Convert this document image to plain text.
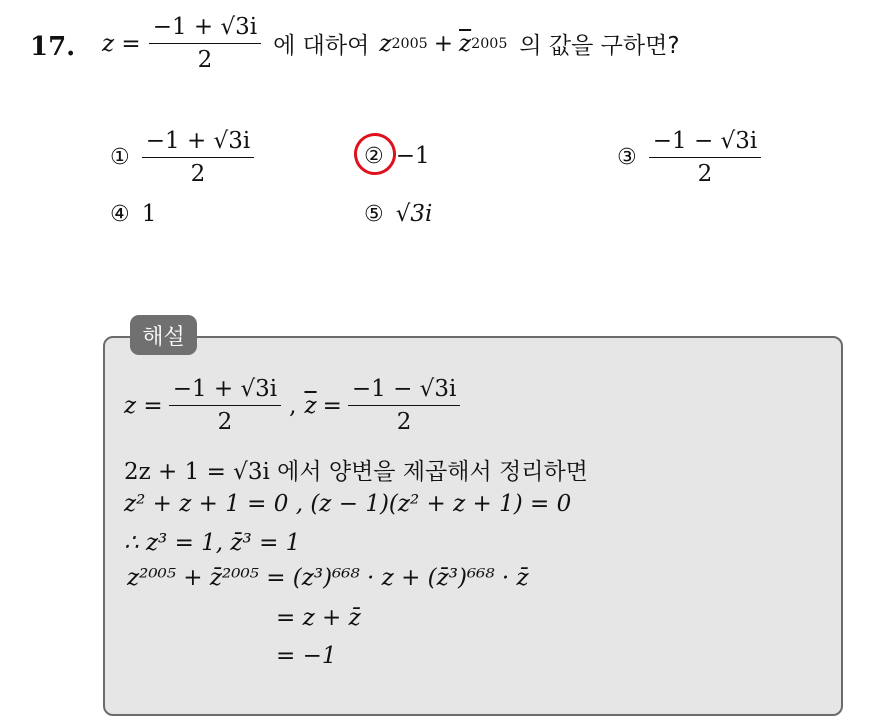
17. $z = \frac{-1 + √3i}{2}$ 에 대하여 z $2005 + \overline{z}$ 2005 의 값을 구하면?
① $\frac{-1 + √3i}{2}$	② −1	③ $\frac{-1 - √3i}{2}$
④ 1	⑤ √3i
해설
$z = \frac{-1 + √3i}{2}$ , $\overline{z} = \frac{-1 - √3i}{2}$
2z + 1 = √3i 에서 양변을 제곱해서 정리하면
z² + z + 1 = 0 , (z − 1)(z² + z + 1) = 0
∴ z³ = 1, z̄³ = 1
z²⁰⁰⁵ + z̄²⁰⁰⁵ = (z³)⁶⁶⁸ · z + (z̄³)⁶⁶⁸ · z̄
= z + z̄
= −1
